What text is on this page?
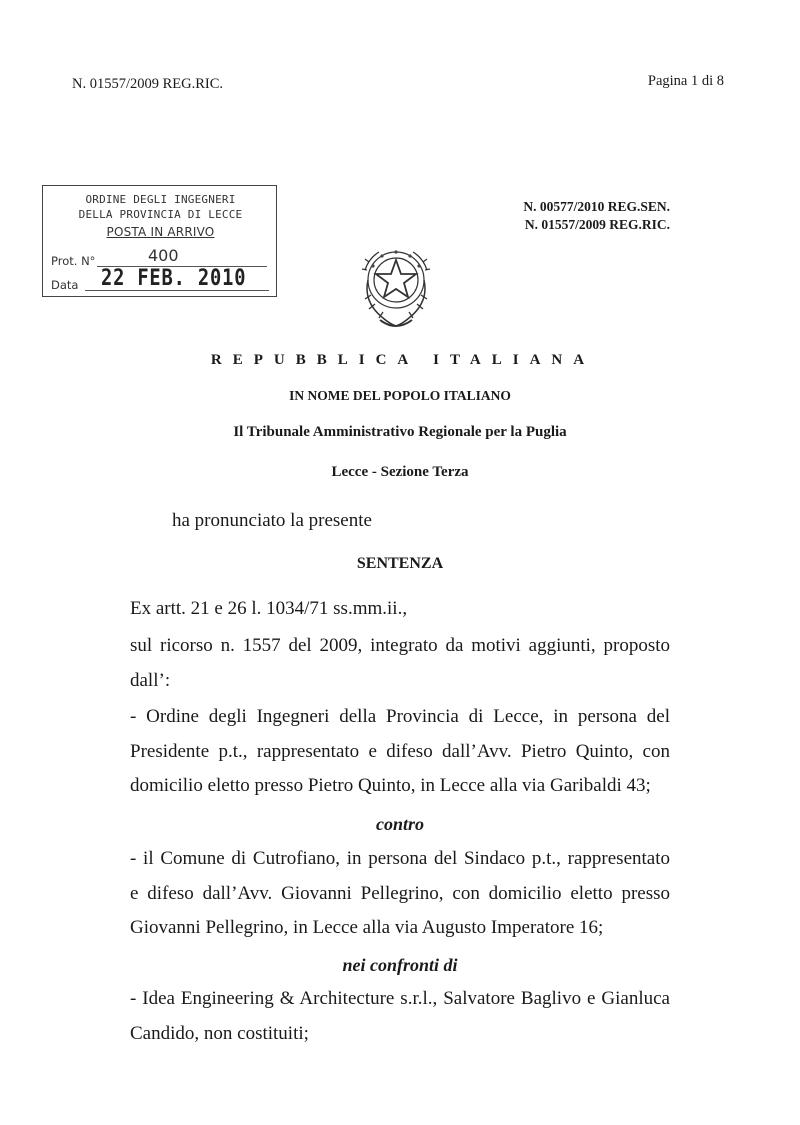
N. 01557/2009 REG.RIC.	Pagina 1 di 8
ORDINE DEGLI INGEGNERI
DELLA PROVINCIA DI LECCE
POSTA IN ARRIVO
Prot. N°	400
Data 22 FEB. 2010
N. 00577/2010 REG.SEN.
N. 01557/2009 REG.RIC.
REPUBBLICA ITALIANA
IN NOME DEL POPOLO ITALIANO
Il Tribunale Amministrativo Regionale per la Puglia
Lecce - Sezione Terza
ha pronunciato la presente
SENTENZA
Ex artt. 21 e 26 l. 1034/71 ss.mm.ii.,
sul ricorso n. 1557 del 2009, integrato da motivi aggiunti, proposto
dall’:
- Ordine degli Ingegneri della Provincia di Lecce, in persona del
Presidente p.t., rappresentato e difeso dall’Avv. Pietro Quinto, con
domicilio eletto presso Pietro Quinto, in Lecce alla via Garibaldi 43;
contro
- il Comune di Cutrofiano, in persona del Sindaco p.t., rappresentato
e difeso dall’Avv. Giovanni Pellegrino, con domicilio eletto presso
Giovanni Pellegrino, in Lecce alla via Augusto Imperatore 16;
nei confronti di
- Idea Engineering & Architecture s.r.l., Salvatore Baglivo e Gianluca
Candido, non costituiti;
